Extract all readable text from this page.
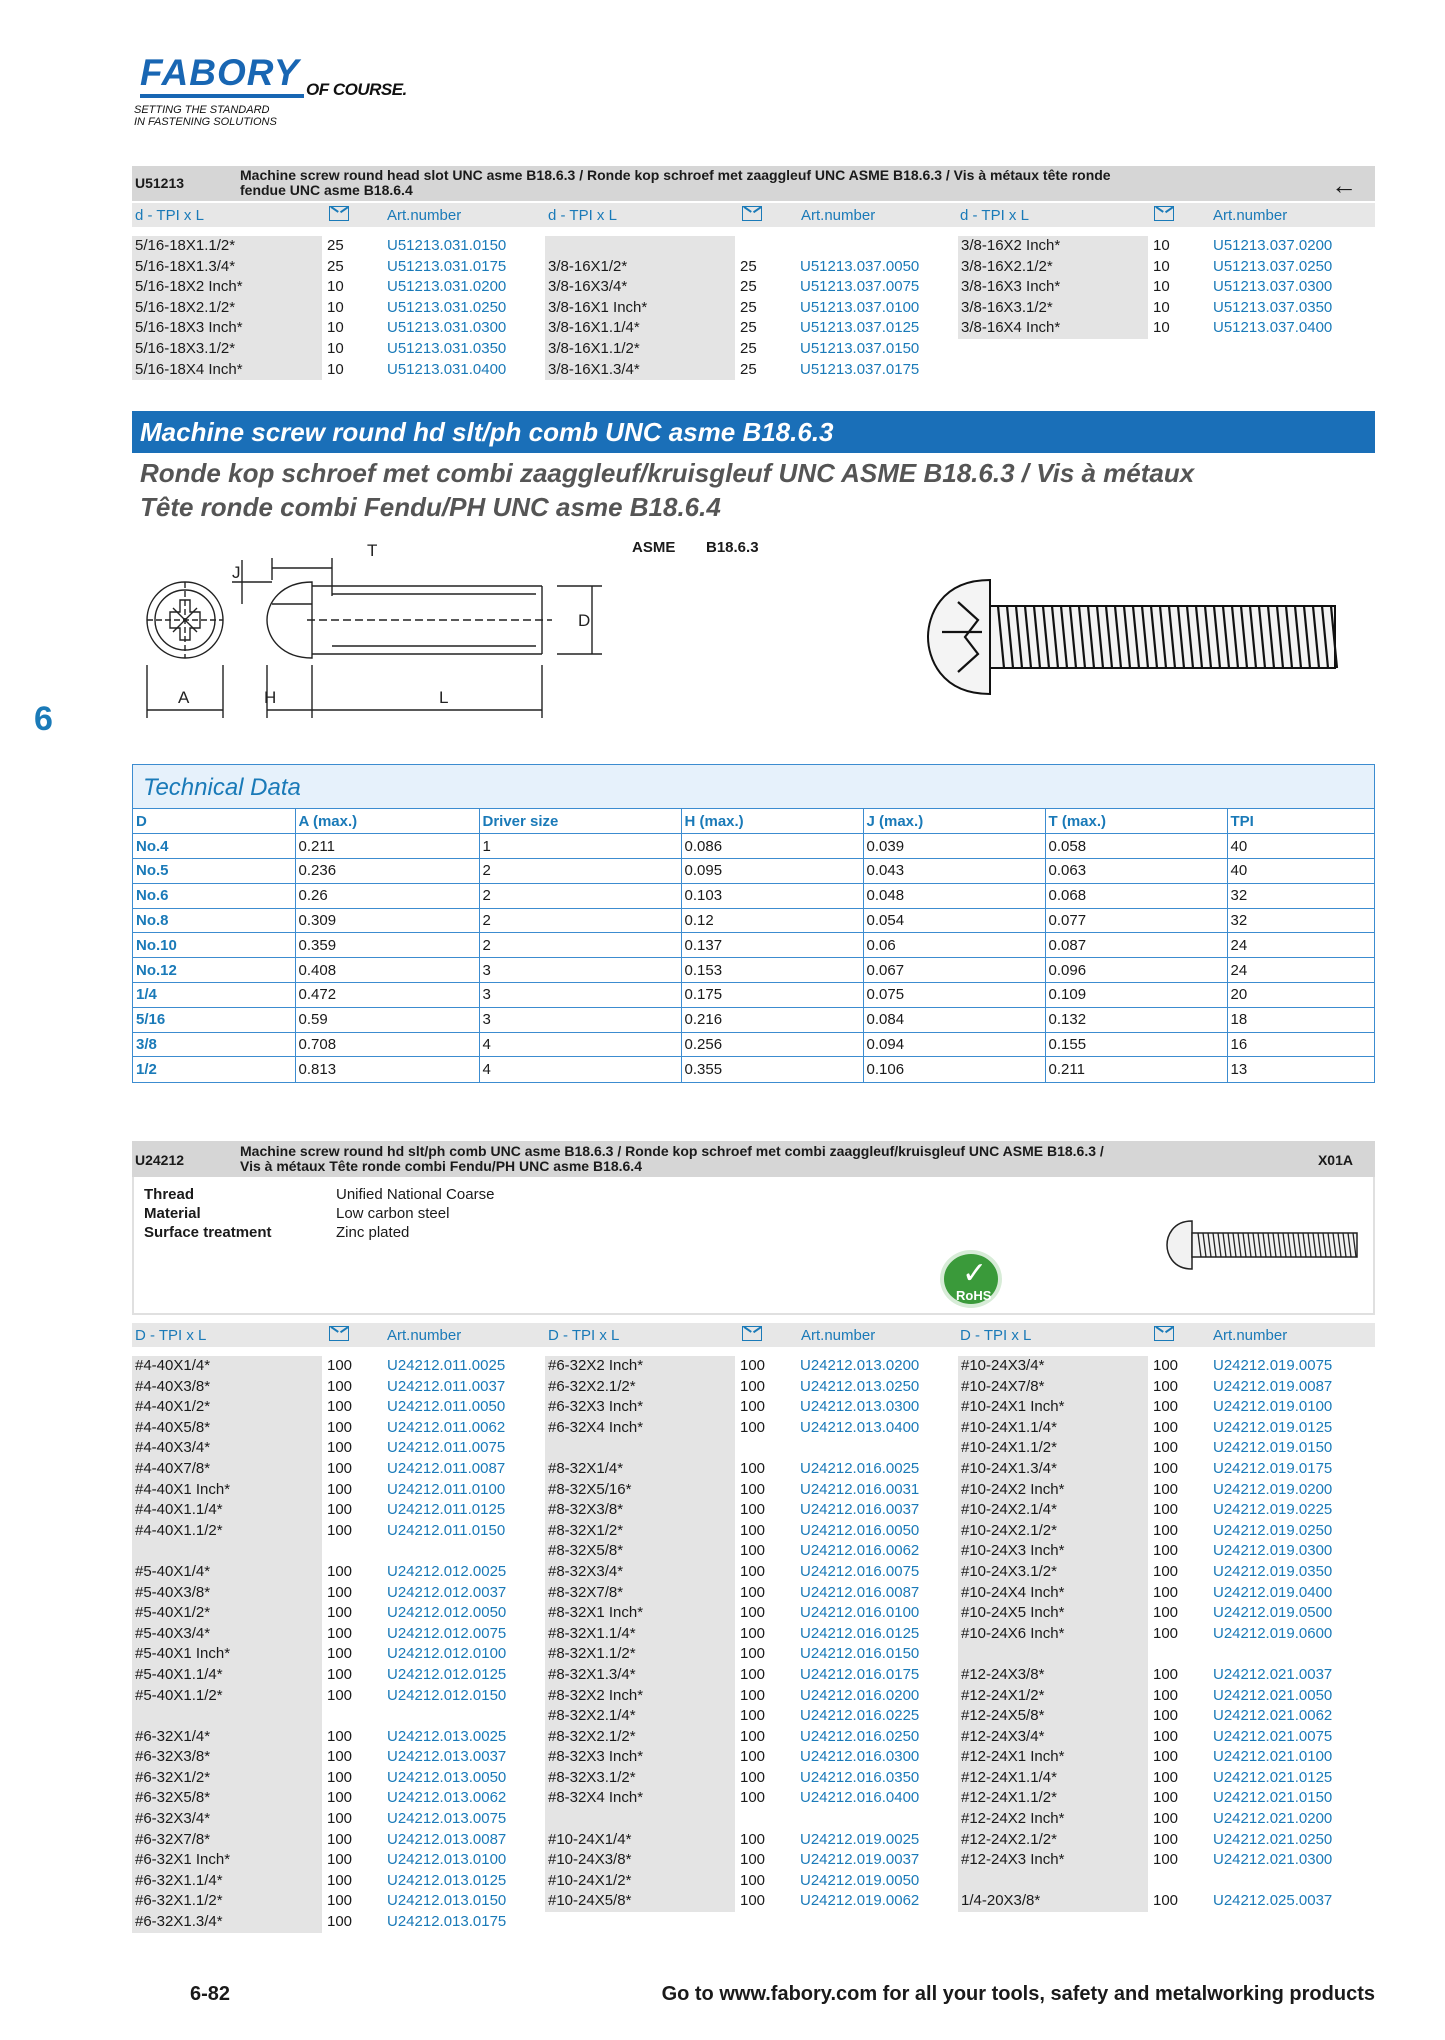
FABORY OF COURSE.
SETTING THE STANDARD
IN FASTENING SOLUTIONS
U51213	Machine screw round head slot UNC asme B18.6.3 / Ronde kop schroef met zaaggleuf UNC ASME B18.6.3 / Vis à métaux tête ronde
fendue UNC asme B18.6.4	←
d - TPI x L	Art.number	d - TPI x L	Art.number	d - TPI x L	Art.number
5/16-18X1.1/2*	25	U51213.031.0150
5/16-18X1.3/4*	25	U51213.031.0175
5/16-18X2 Inch*	10	U51213.031.0200
5/16-18X2.1/2*	10	U51213.031.0250
5/16-18X3 Inch*	10	U51213.031.0300
5/16-18X3.1/2*	10	U51213.031.0350
5/16-18X4 Inch*	10	U51213.031.0400
3/8-16X1/2*	25	U51213.037.0050
3/8-16X3/4*	25	U51213.037.0075
3/8-16X1 Inch*	25	U51213.037.0100
3/8-16X1.1/4*	25	U51213.037.0125
3/8-16X1.1/2*	25	U51213.037.0150
3/8-16X1.3/4*	25	U51213.037.0175
3/8-16X2 Inch*	10	U51213.037.0200
3/8-16X2.1/2*	10	U51213.037.0250
3/8-16X3 Inch*	10	U51213.037.0300
3/8-16X3.1/2*	10	U51213.037.0350
3/8-16X4 Inch*	10	U51213.037.0400
Machine screw round hd slt/ph comb UNC asme B18.6.3
Ronde kop schroef met combi zaaggleuf/kruisgleuf UNC ASME B18.6.3 / Vis à métaux
Tête ronde combi Fendu/PH UNC asme B18.6.4
ASME B18.6.3
6
T
J
D
A	H	L
Technical Data
D	A (max.)	Driver size	H (max.)	J (max.)	T (max.)	TPI
No.4	0.211	1	0.086	0.039	0.058	40
No.5	0.236	2	0.095	0.043	0.063	40
No.6	0.26	2	0.103	0.048	0.068	32
No.8	0.309	2	0.12	0.054	0.077	32
No.10	0.359	2	0.137	0.06	0.087	24
No.12	0.408	3	0.153	0.067	0.096	24
1/4	0.472	3	0.175	0.075	0.109	20
5/16	0.59	3	0.216	0.084	0.132	18
3/8	0.708	4	0.256	0.094	0.155	16
1/2	0.813	4	0.355	0.106	0.211	13
U24212
Machine screw round hd slt/ph comb UNC asme B18.6.3 / Ronde kop schroef met combi zaaggleuf/kruisgleuf UNC ASME B18.6.3 /
Vis à métaux Tête ronde combi Fendu/PH UNC asme B18.6.4	X01A
Thread	Unified National Coarse
Material	Low carbon steel
Surface treatment	Zinc plated
✓
RoHS
D - TPI x L	Art.number	D - TPI x L	Art.number	D - TPI x L	Art.number
#4-40X1/4*	100 U24212.011.0025
#4-40X3/8*	100 U24212.011.0037
#4-40X1/2*	100 U24212.011.0050
#4-40X5/8*	100 U24212.011.0062
#4-40X3/4*	100 U24212.011.0075
#4-40X7/8*	100 U24212.011.0087
#4-40X1 Inch*	100 U24212.011.0100
#4-40X1.1/4*	100 U24212.011.0125
#4-40X1.1/2*	100 U24212.011.0150
#5-40X1/4*	100 U24212.012.0025
#5-40X3/8*	100 U24212.012.0037
#5-40X1/2*	100 U24212.012.0050
#5-40X3/4*	100 U24212.012.0075
#5-40X1 Inch*	100 U24212.012.0100
#5-40X1.1/4*	100 U24212.012.0125
#5-40X1.1/2*	100 U24212.012.0150
#6-32X1/4*	100 U24212.013.0025
#6-32X3/8*	100 U24212.013.0037
#6-32X1/2*	100 U24212.013.0050
#6-32X5/8*	100 U24212.013.0062
#6-32X3/4*	100 U24212.013.0075
#6-32X7/8*	100 U24212.013.0087
#6-32X1 Inch*	100 U24212.013.0100
#6-32X1.1/4*	100 U24212.013.0125
#6-32X1.1/2*	100 U24212.013.0150
#6-32X1.3/4*	100 U24212.013.0175
#6-32X2 Inch*	100 U24212.013.0200
#6-32X2.1/2*	100 U24212.013.0250
#6-32X3 Inch*	100 U24212.013.0300
#6-32X4 Inch*	100 U24212.013.0400
#8-32X1/4*	100 U24212.016.0025
#8-32X5/16*	100 U24212.016.0031
#8-32X3/8*	100 U24212.016.0037
#8-32X1/2*	100 U24212.016.0050
#8-32X5/8*	100 U24212.016.0062
#8-32X3/4*	100 U24212.016.0075
#8-32X7/8*	100 U24212.016.0087
#8-32X1 Inch*	100 U24212.016.0100
#8-32X1.1/4*	100 U24212.016.0125
#8-32X1.1/2*	100 U24212.016.0150
#8-32X1.3/4*	100 U24212.016.0175
#8-32X2 Inch*	100 U24212.016.0200
#8-32X2.1/4*	100 U24212.016.0225
#8-32X2.1/2*	100 U24212.016.0250
#8-32X3 Inch*	100 U24212.016.0300
#8-32X3.1/2*	100 U24212.016.0350
#8-32X4 Inch*	100 U24212.016.0400
#10-24X1/4*	100 U24212.019.0025
#10-24X3/8*	100 U24212.019.0037
#10-24X1/2*	100 U24212.019.0050
#10-24X5/8*	100 U24212.019.0062
#10-24X3/4*	100 U24212.019.0075
#10-24X7/8*	100 U24212.019.0087
#10-24X1 Inch*	100 U24212.019.0100
#10-24X1.1/4*	100 U24212.019.0125
#10-24X1.1/2*	100 U24212.019.0150
#10-24X1.3/4*	100 U24212.019.0175
#10-24X2 Inch*	100 U24212.019.0200
#10-24X2.1/4*	100 U24212.019.0225
#10-24X2.1/2*	100 U24212.019.0250
#10-24X3 Inch*	100 U24212.019.0300
#10-24X3.1/2*	100 U24212.019.0350
#10-24X4 Inch*	100 U24212.019.0400
#10-24X5 Inch*	100 U24212.019.0500
#10-24X6 Inch*	100 U24212.019.0600
#12-24X3/8*	100 U24212.021.0037
#12-24X1/2*	100 U24212.021.0050
#12-24X5/8*	100 U24212.021.0062
#12-24X3/4*	100 U24212.021.0075
#12-24X1 Inch*	100 U24212.021.0100
#12-24X1.1/4*	100 U24212.021.0125
#12-24X1.1/2*	100 U24212.021.0150
#12-24X2 Inch*	100 U24212.021.0200
#12-24X2.1/2*	100 U24212.021.0250
#12-24X3 Inch*	100 U24212.021.0300
1/4-20X3/8*	100 U24212.025.0037
6-82	Go to www.fabory.com for all your tools, safety and metalworking products
